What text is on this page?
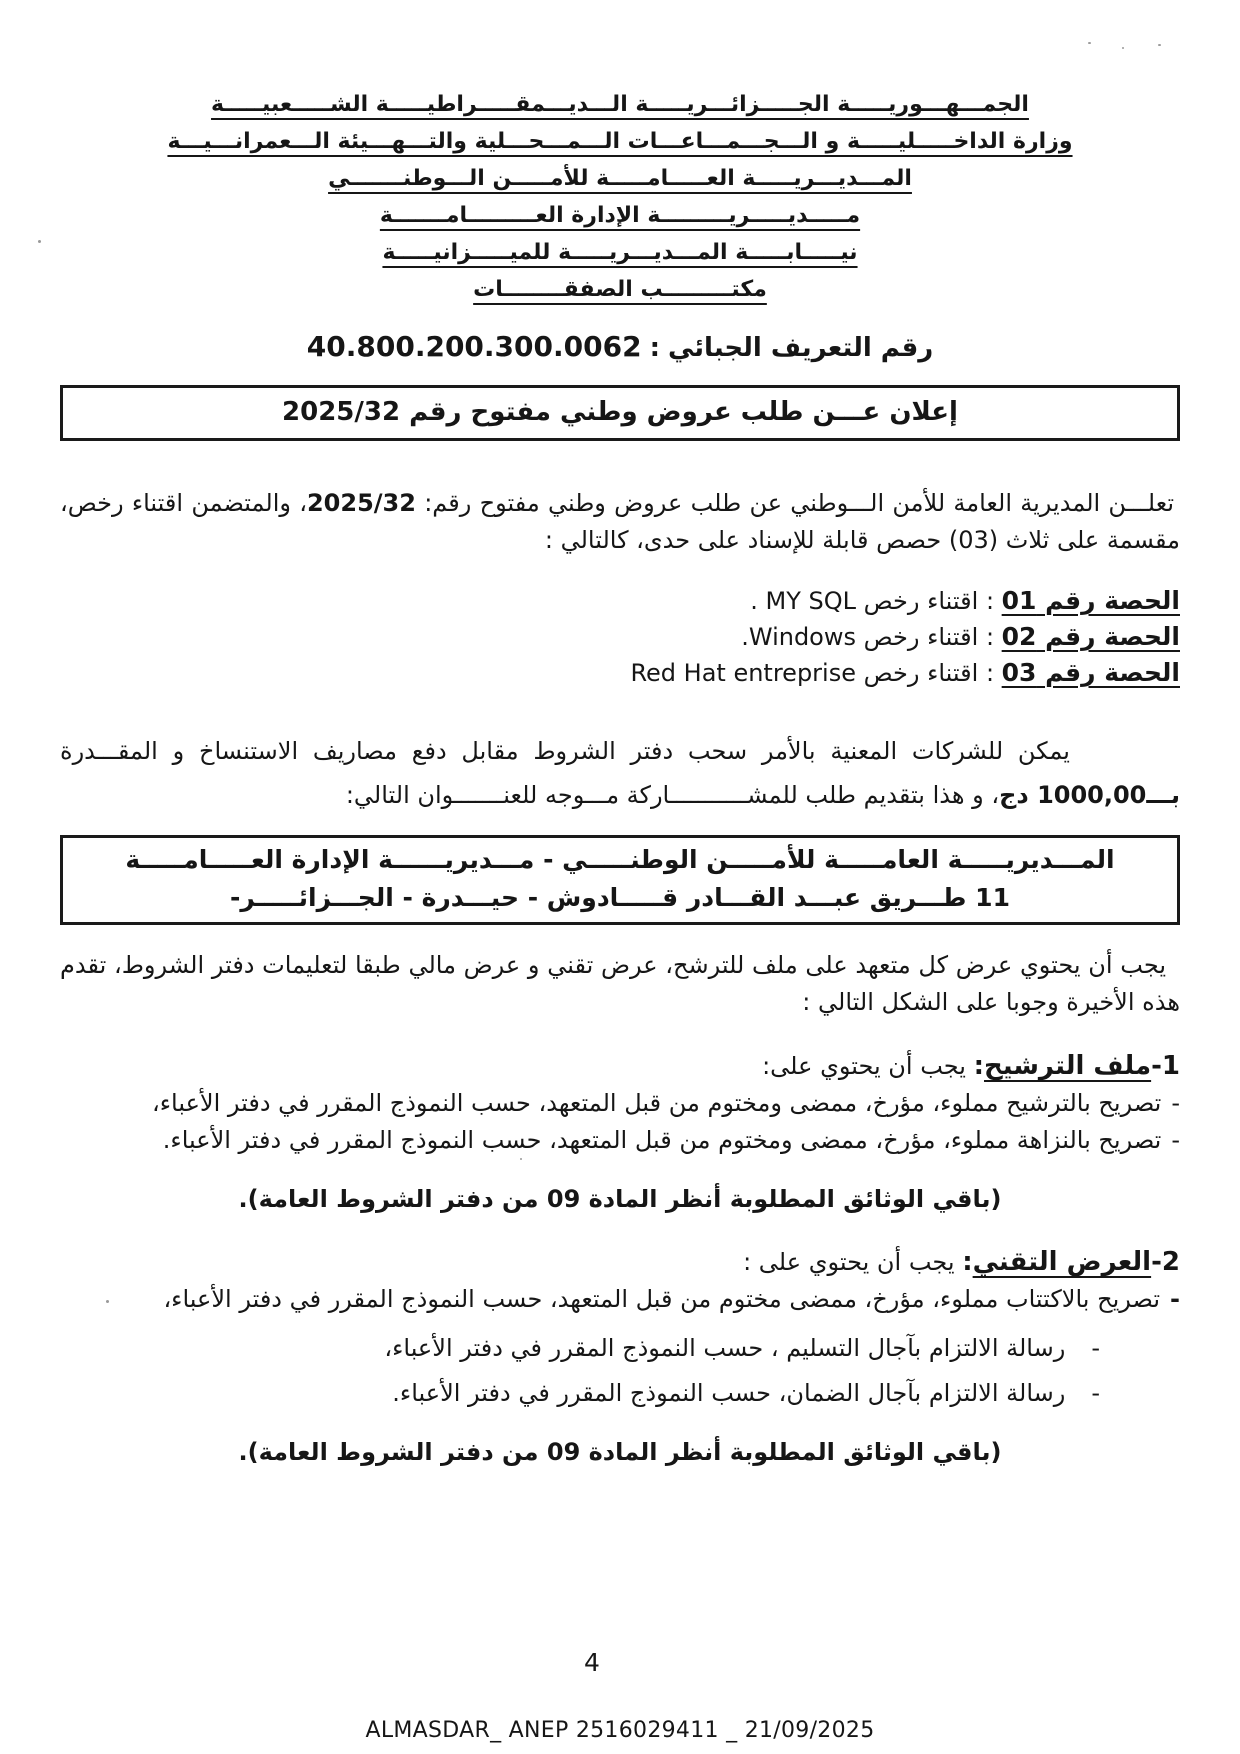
الجمـــهـــوريـــــة الجـــــزائـــريـــــة الـــديـــمقـــــراطيـــــة الشـــــعبيـــــة
وزارة الداخـــــليـــــة و الـــجـــمـــاعـــات الـــمـــحـــلية والتـــهـــيئة الـــعمرانـــيـــة
المـــديـــريـــــة العـــــامـــــة للأمـــــن الـــوطنـــــــي
مـــــديـــــريـــــــــة الإدارة العـــــــــامـــــــة
نيـــــابـــــة المـــديـــريـــــة للميـــــزانيـــــة
مكتـــــــــب الصفقــــــــات
رقم التعريف الجبائي:40.800.200.300.0062
إعلان عـــن طلب عروض وطني مفتوح رقم 2025/32

تعلـــن المديرية العامة للأمن الـــوطني عن طلب عروض وطني مفتوح رقم: 2025/32، والمتضمن اقتناء رخص، مقسمة على ثلاث (03) حصص قابلة للإسناد على حدى، كالتالي :

الحصة رقم 01 : اقتناء رخص MY SQL .
الحصة رقم 02 : اقتناء رخص Windows.
الحصة رقم 03 : اقتناء رخص Red Hat entreprise

يمكن للشركات المعنية بالأمر سحب دفتر الشروط مقابل دفع مصاريف الاستنساخ و المقـــدرة بـــ1000,00 دج، و هذا بتقديم طلب للمشـــــــــــاركة مـــوجه للعنـــــــوان التالي:

المـــديريـــــة العامـــــة للأمـــــن الوطنـــــي - مـــديريــــــة الإدارة العـــــامـــــة
11 طـــريق عبـــد القـــادر قـــــادوش - حيـــدرة - الجـــزائـــــر-

يجب أن يحتوي عرض كل متعهد على ملف للترشح، عرض تقني و عرض مالي طبقا لتعليمات دفتر الشروط، تقدم هذه الأخيرة وجوبا على الشكل التالي :

1-ملف الترشيح: يجب أن يحتوي على:

-تصريح بالترشيح مملوء، مؤرخ، ممضى ومختوم من قبل المتعهد، حسب النموذج المقرر في دفتر الأعباء،

-تصريح بالنزاهة مملوء، مؤرخ، ممضى ومختوم من قبل المتعهد، حسب النموذج المقرر في دفتر الأعباء.

(باقي الوثائق المطلوبة أنظر المادة 09 من دفتر الشروط العامة).
2-العرض التقني: يجب أن يحتوي على :

-تصريح بالاكتتاب مملوء، مؤرخ، ممضى مختوم من قبل المتعهد، حسب النموذج المقرر في دفتر الأعباء،

-رسالة الالتزام بآجال التسليم ، حسب النموذج المقرر في دفتر الأعباء،
-رسالة الالتزام بآجال الضمان، حسب النموذج المقرر في دفتر الأعباء.
(باقي الوثائق المطلوبة أنظر المادة 09 من دفتر الشروط العامة).
4
ALMASDAR_ ANEP 2516029411 _ 21/09/2025
